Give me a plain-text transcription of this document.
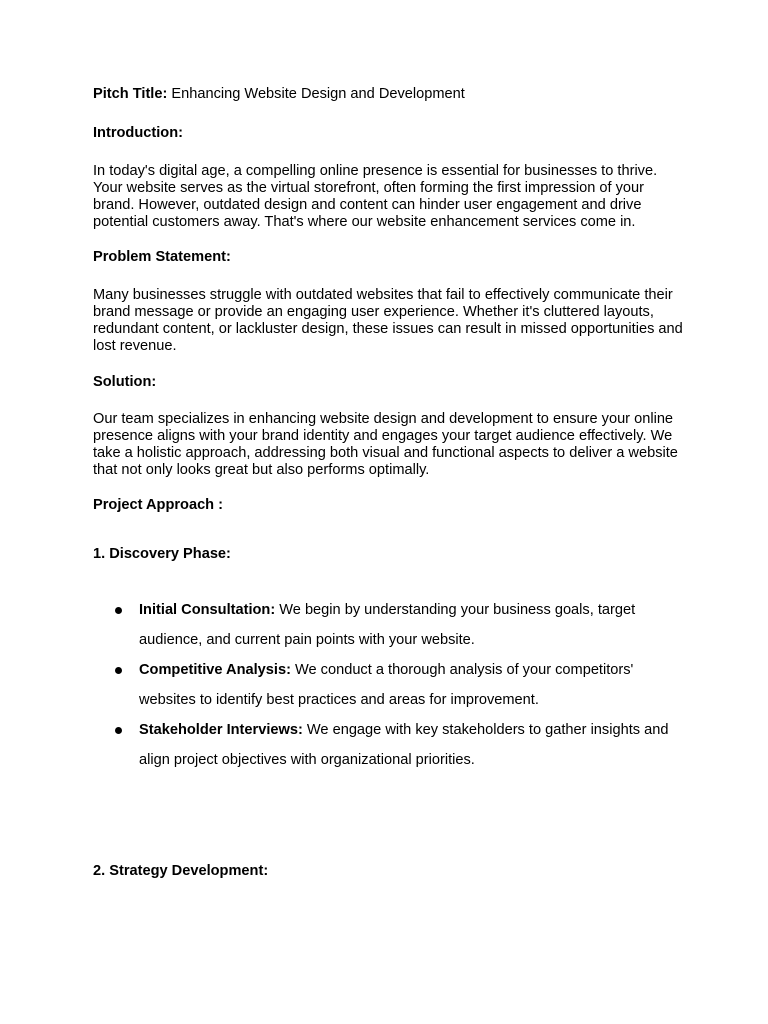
Pitch Title: Enhancing Website Design and Development

Introduction:

In today's digital age, a compelling online presence is essential for businesses to thrive. Your website serves as the virtual storefront, often forming the first impression of your brand. However, outdated design and content can hinder user engagement and drive potential customers away. That's where our website enhancement services come in.

Problem Statement:

Many businesses struggle with outdated websites that fail to effectively communicate their brand message or provide an engaging user experience. Whether it's cluttered layouts, redundant content, or lackluster design, these issues can result in missed opportunities and lost revenue.

Solution:

Our team specializes in enhancing website design and development to ensure your online presence aligns with your brand identity and engages your target audience effectively. We take a holistic approach, addressing both visual and functional aspects to deliver a website that not only looks great but also performs optimally.

Project Approach :

1. Discovery Phase:

Initial Consultation: We begin by understanding your business goals, target audience, and current pain points with your website.
Competitive Analysis: We conduct a thorough analysis of your competitors' websites to identify best practices and areas for improvement.
Stakeholder Interviews: We engage with key stakeholders to gather insights and align project objectives with organizational priorities.

2. Strategy Development:
